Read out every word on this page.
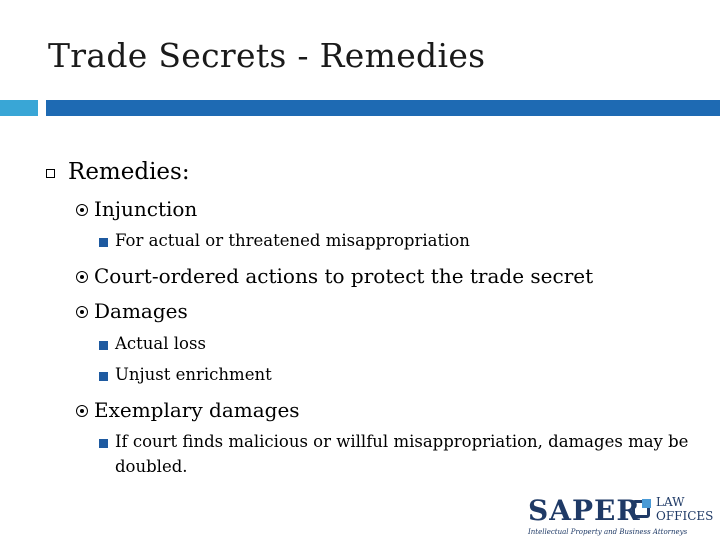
Trade Secrets - Remedies
Remedies:
Injunction
For actual or threatened misappropriation
Court-ordered actions to protect the trade secret
Damages
Actual loss
Unjust enrichment
Exemplary damages
If court finds malicious or willful misappropriation, damages may be
doubled.
SAPER LAW
OFFICES
Intellectual Property and Business Attorneys
